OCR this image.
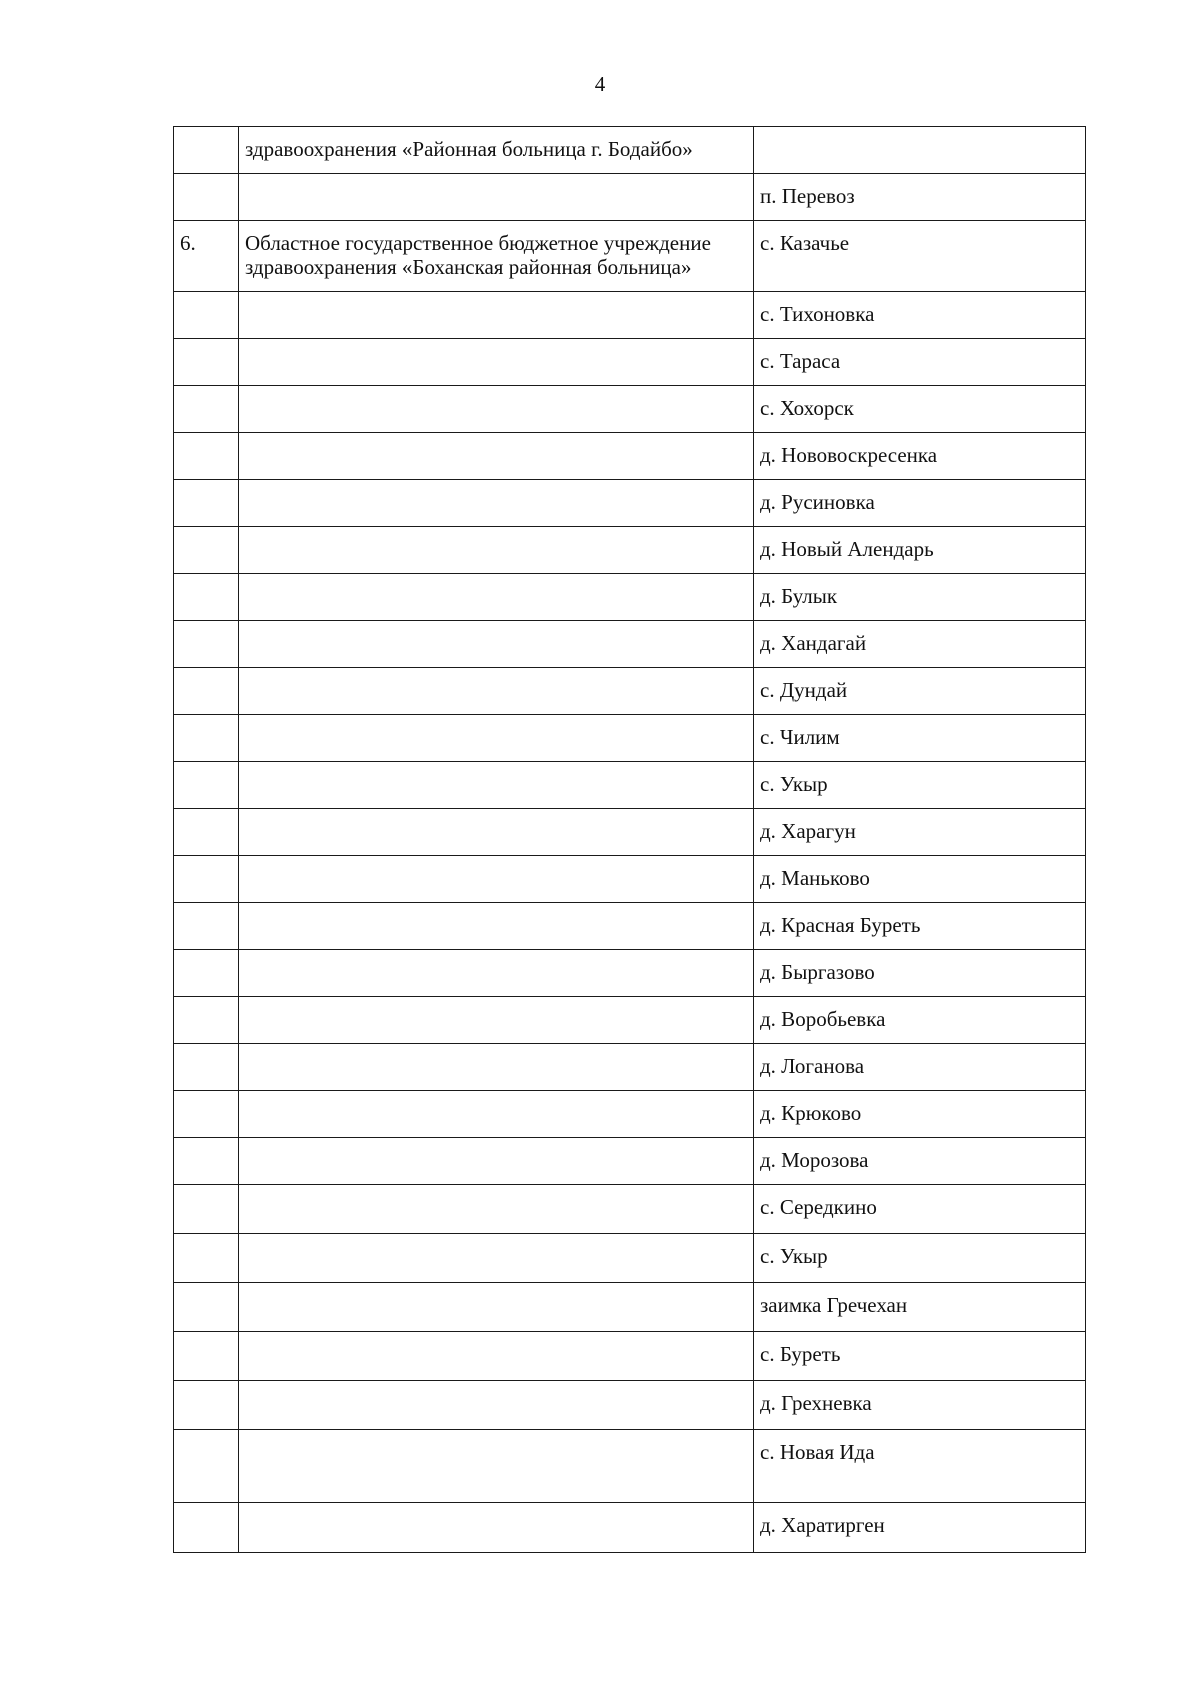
4
	здравоохранения «Районная больница г. Бодайбо»	
		п. Перевоз
6.	Областное государственное бюджетное учреждение здравоохранения «Боханская районная больница»	с. Казачье
		с. Тихоновка
		с. Тараса
		с. Хохорск
		д. Нововоскресенка
		д. Русиновка
		д. Новый Алендарь
		д. Булык
		д. Хандагай
		с. Дундай
		с. Чилим
		с. Укыр
		д. Харагун
		д. Маньково
		д. Красная Буреть
		д. Быргазово
		д. Воробьевка
		д. Логанова
		д. Крюково
		д. Морозова
		с. Середкино
		с. Укыр
		заимка Гречехан
		с. Буреть
		д. Грехневка
		с. Новая Ида
		д. Харатирген
